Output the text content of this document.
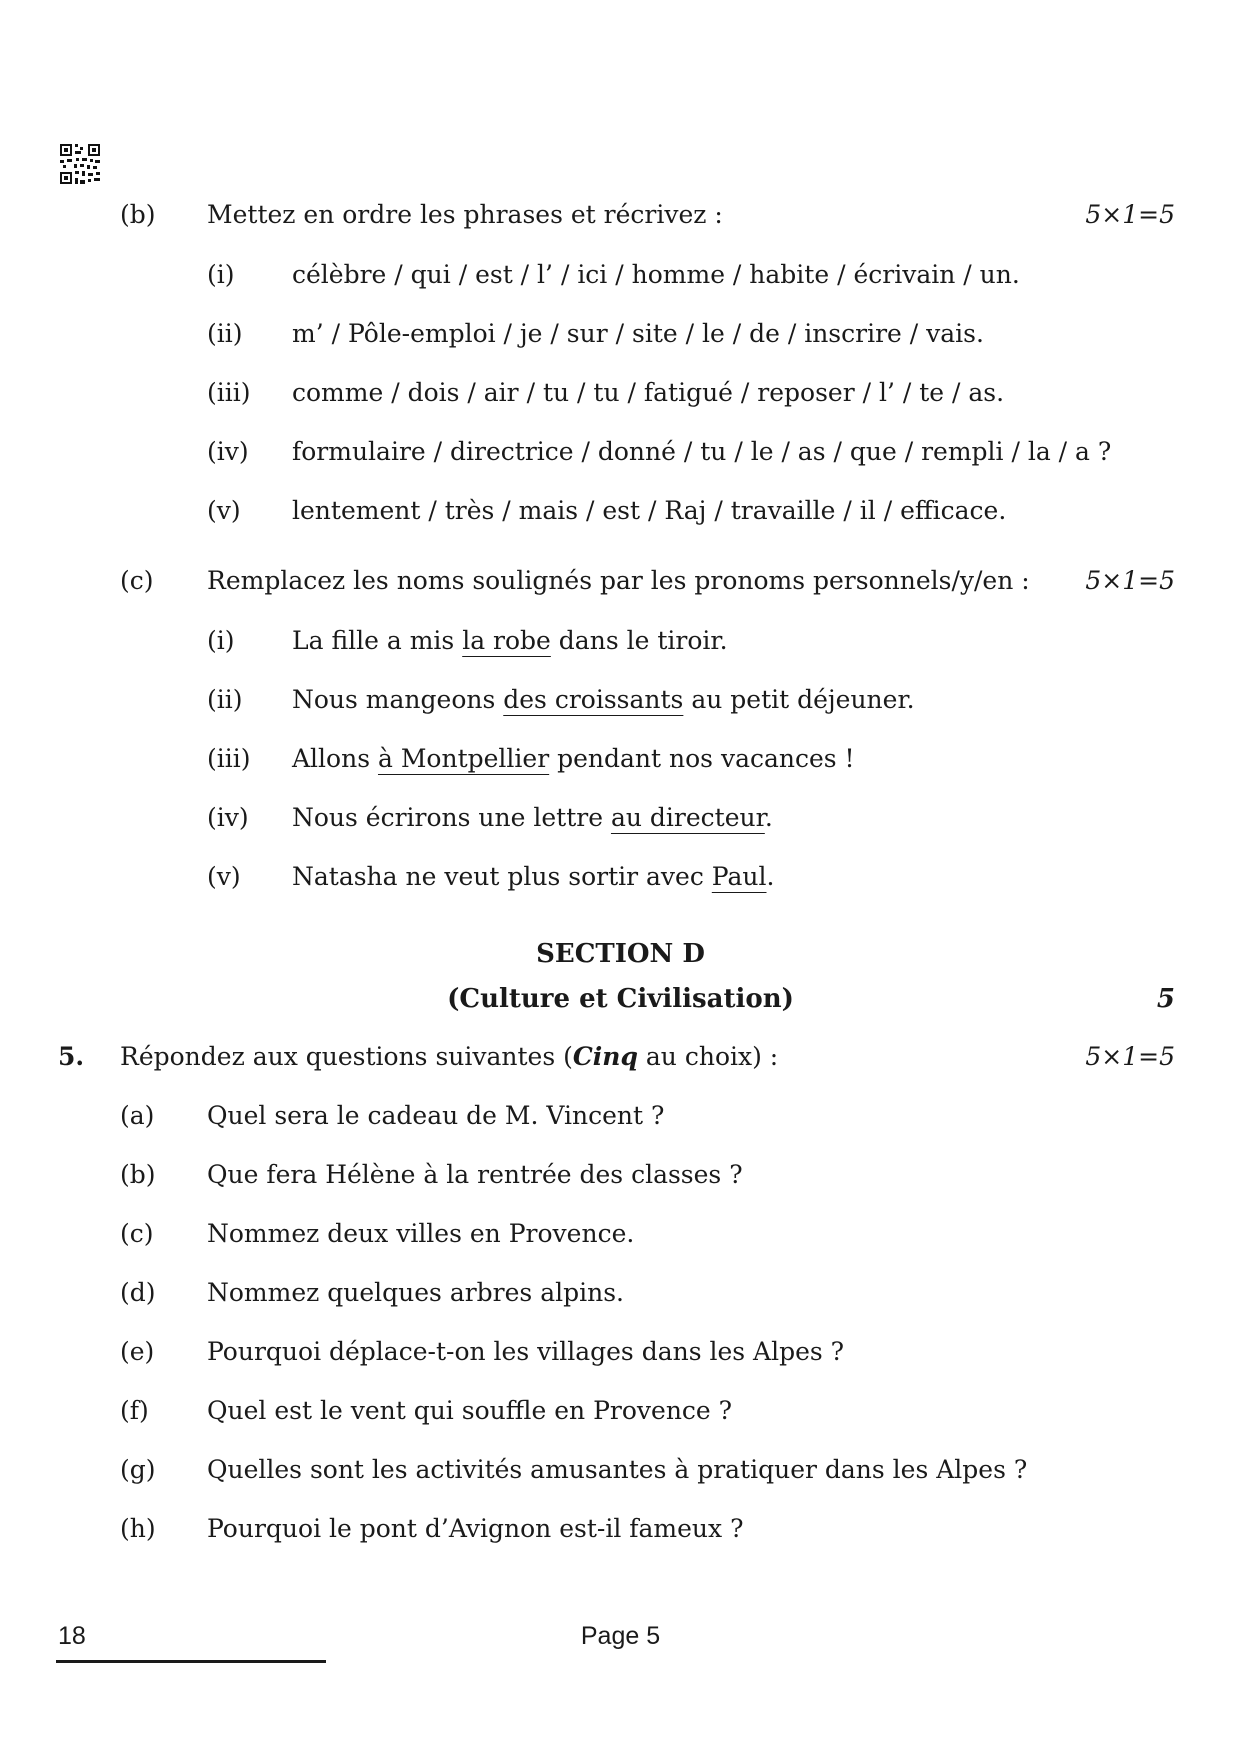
(b) Mettez en ordre les phrases et récrivez :	5×1=5
(i) célèbre / qui / est / l’ / ici / homme / habite / écrivain / un.
(ii) m’ / Pôle-emploi / je / sur / site / le / de / inscrire / vais.
(iii) comme / dois / air / tu / tu / fatigué / reposer / l’ / te / as.
(iv) formulaire / directrice / donné / tu / le / as / que / rempli / la / a ?
(v) lentement / très / mais / est / Raj / travaille / il / efficace.
(c) Remplacez les noms soulignés par les pronoms personnels/y/en : 5×1=5
(i) La fille a mis la robe dans le tiroir.
(ii) Nous mangeons des croissants au petit déjeuner.
(iii) Allons à Montpellier pendant nos vacances !
(iv) Nous écrirons une lettre au directeur.
(v) Natasha ne veut plus sortir avec Paul.
SECTION D
(Culture et Civilisation)	5
5. Répondez aux questions suivantes (Cinq au choix) :	5×1=5
(a) Quel sera le cadeau de M. Vincent ?
(b) Que fera Hélène à la rentrée des classes ?
(c) Nommez deux villes en Provence.
(d) Nommez quelques arbres alpins.
(e) Pourquoi déplace-t-on les villages dans les Alpes ?
(f) Quel est le vent qui souffle en Provence ?
(g) Quelles sont les activités amusantes à pratiquer dans les Alpes ?
(h) Pourquoi le pont d’Avignon est-il fameux ?
18	Page 5
